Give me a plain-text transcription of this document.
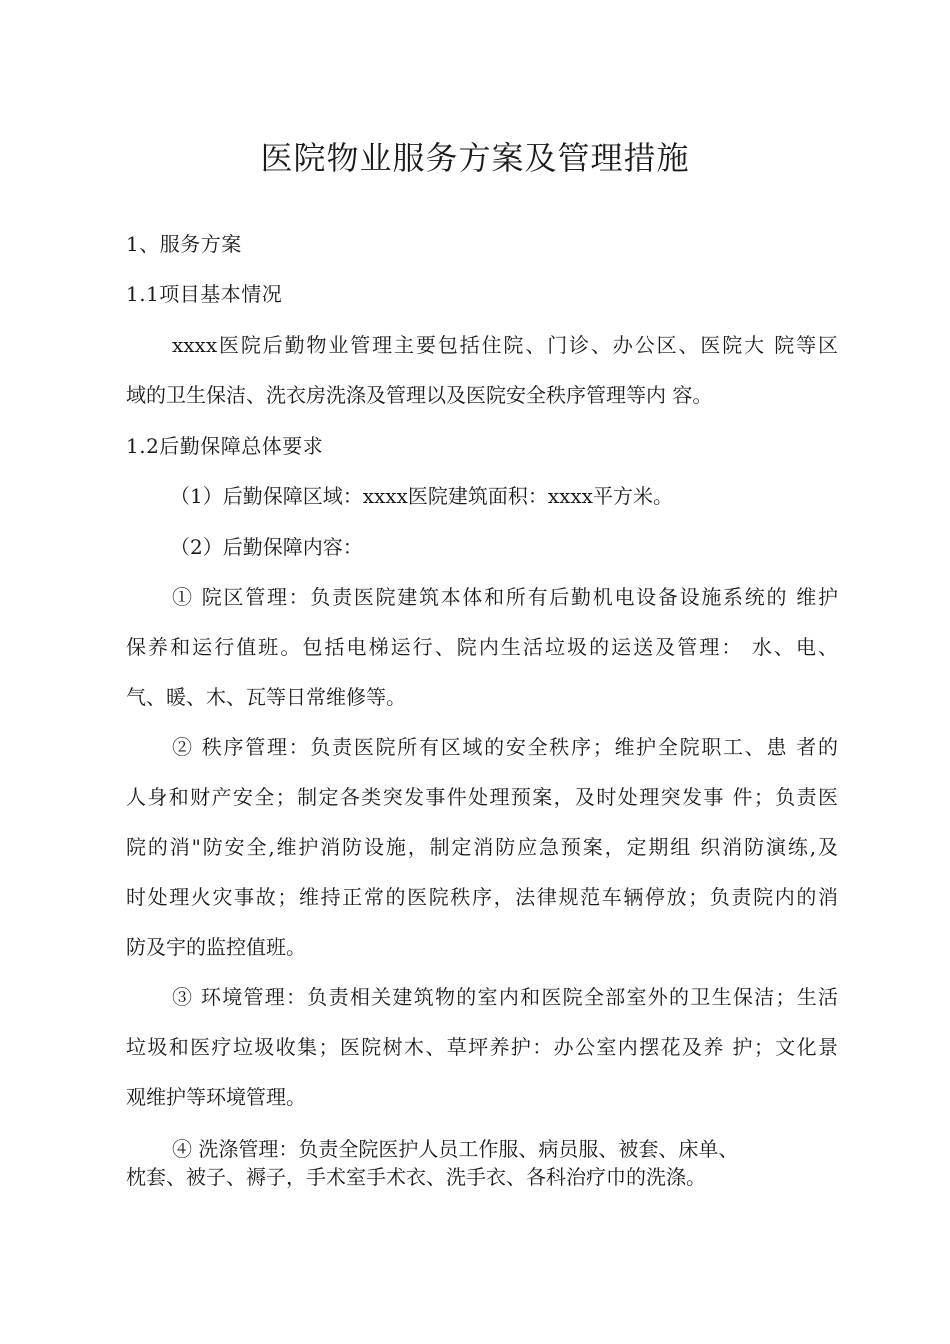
医院物业服务方案及管理措施

1、服务方案

1.1项目基本情况

xxxx医院后勤物业管理主要包括住院、门诊、办公区、医院大 院等区

域的卫生保洁、洗衣房洗涤及管理以及医院安全秩序管理等内 容。

1.2后勤保障总体要求

（1）后勤保障区域：xxxx医院建筑面积：xxxx平方米。

（2）后勤保障内容：

① 院区管理：负责医院建筑本体和所有后勤机电设备设施系统的 维护

保养和运行值班。包括电梯运行、院内生活垃圾的运送及管理： 水、电、

气、暖、木、瓦等日常维修等。

② 秩序管理：负责医院所有区域的安全秩序；维护全院职工、患 者的

人身和财产安全；制定各类突发事件处理预案，及时处理突发事 件；负责医

院的消"防安全,维护消防设施，制定消防应急预案，定期组 织消防演练,及

时处理火灾事故；维持正常的医院秩序，法律规范车辆停放；负责院内的消

防及宇的监控值班。

③ 环境管理：负责相关建筑物的室内和医院全部室外的卫生保洁；生活

垃圾和医疗垃圾收集；医院树木、草坪养护：办公室内摆花及养 护；文化景

观维护等环境管理。

④ 洗涤管理：负责全院医护人员工作服、病员服、被套、床单、

枕套、被子、褥子，手术室手术衣、洗手衣、各科治疗巾的洗涤。
